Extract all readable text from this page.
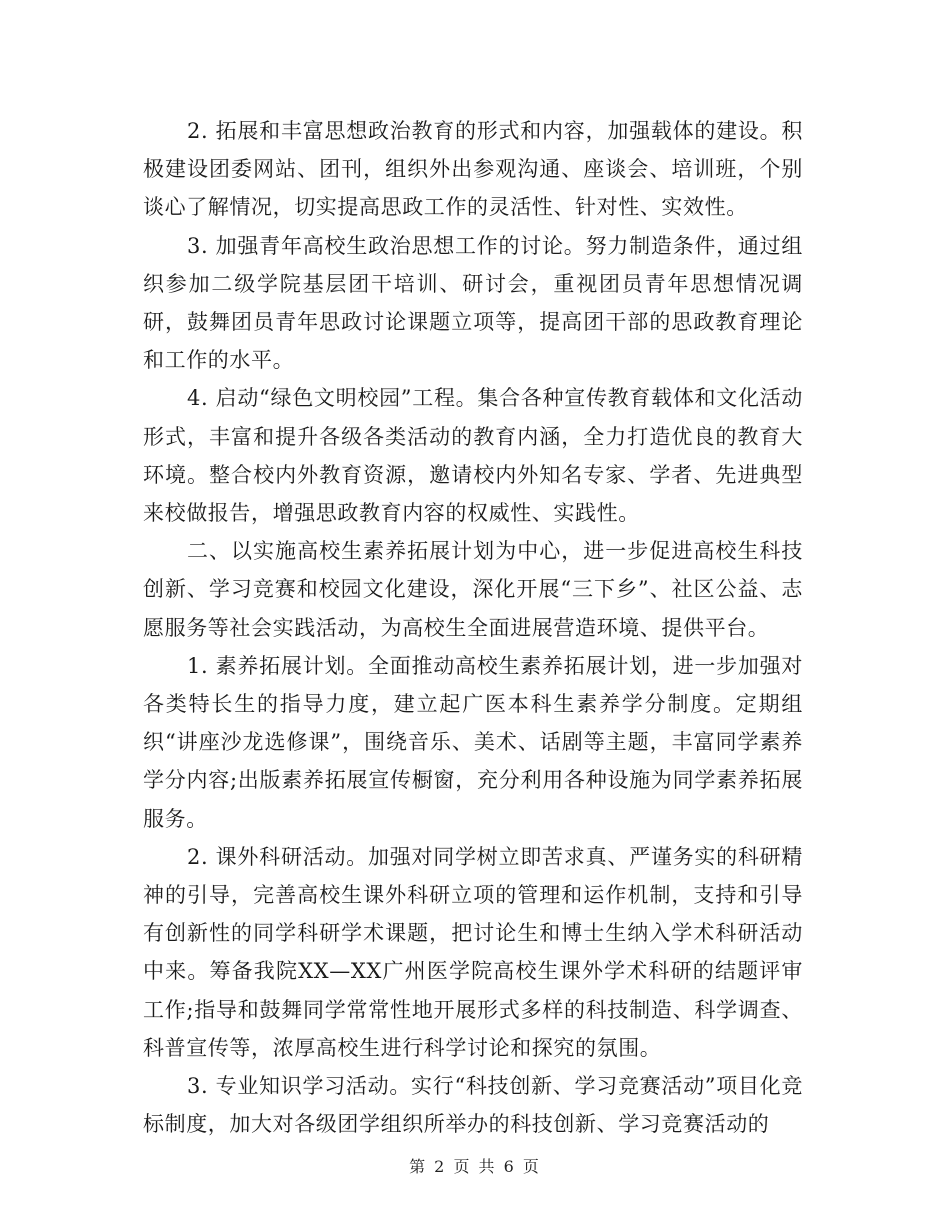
2. 拓展和丰富思想政治教育的形式和内容，加强载体的建设。积极建设团委网站、团刊，组织外出参观沟通、座谈会、培训班，个别谈心了解情况，切实提高思政工作的灵活性、针对性、实效性。

3. 加强青年高校生政治思想工作的讨论。努力制造条件，通过组织参加二级学院基层团干培训、研讨会，重视团员青年思想情况调研，鼓舞团员青年思政讨论课题立项等，提高团干部的思政教育理论和工作的水平。

4. 启动“绿色文明校园”工程。集合各种宣传教育载体和文化活动形式，丰富和提升各级各类活动的教育内涵，全力打造优良的教育大环境。整合校内外教育资源，邀请校内外知名专家、学者、先进典型来校做报告，增强思政教育内容的权威性、实践性。

二、以实施高校生素养拓展计划为中心，进一步促进高校生科技创新、学习竞赛和校园文化建设，深化开展“三下乡”、社区公益、志愿服务等社会实践活动，为高校生全面进展营造环境、提供平台。

1. 素养拓展计划。全面推动高校生素养拓展计划，进一步加强对各类特长生的指导力度，建立起广医本科生素养学分制度。定期组织“讲座沙龙选修课”，围绕音乐、美术、话剧等主题，丰富同学素养学分内容;出版素养拓展宣传橱窗，充分利用各种设施为同学素养拓展服务。

2. 课外科研活动。加强对同学树立即苦求真、严谨务实的科研精神的引导，完善高校生课外科研立项的管理和运作机制，支持和引导有创新性的同学科研学术课题，把讨论生和博士生纳入学术科研活动中来。筹备我院XX—XX广州医学院高校生课外学术科研的结题评审工作;指导和鼓舞同学常常性地开展形式多样的科技制造、科学调查、科普宣传等，浓厚高校生进行科学讨论和探究的氛围。

3. 专业知识学习活动。实行“科技创新、学习竞赛活动”项目化竞标制度，加大对各级团学组织所举办的科技创新、学习竞赛活动的

第 2 页 共 6 页
